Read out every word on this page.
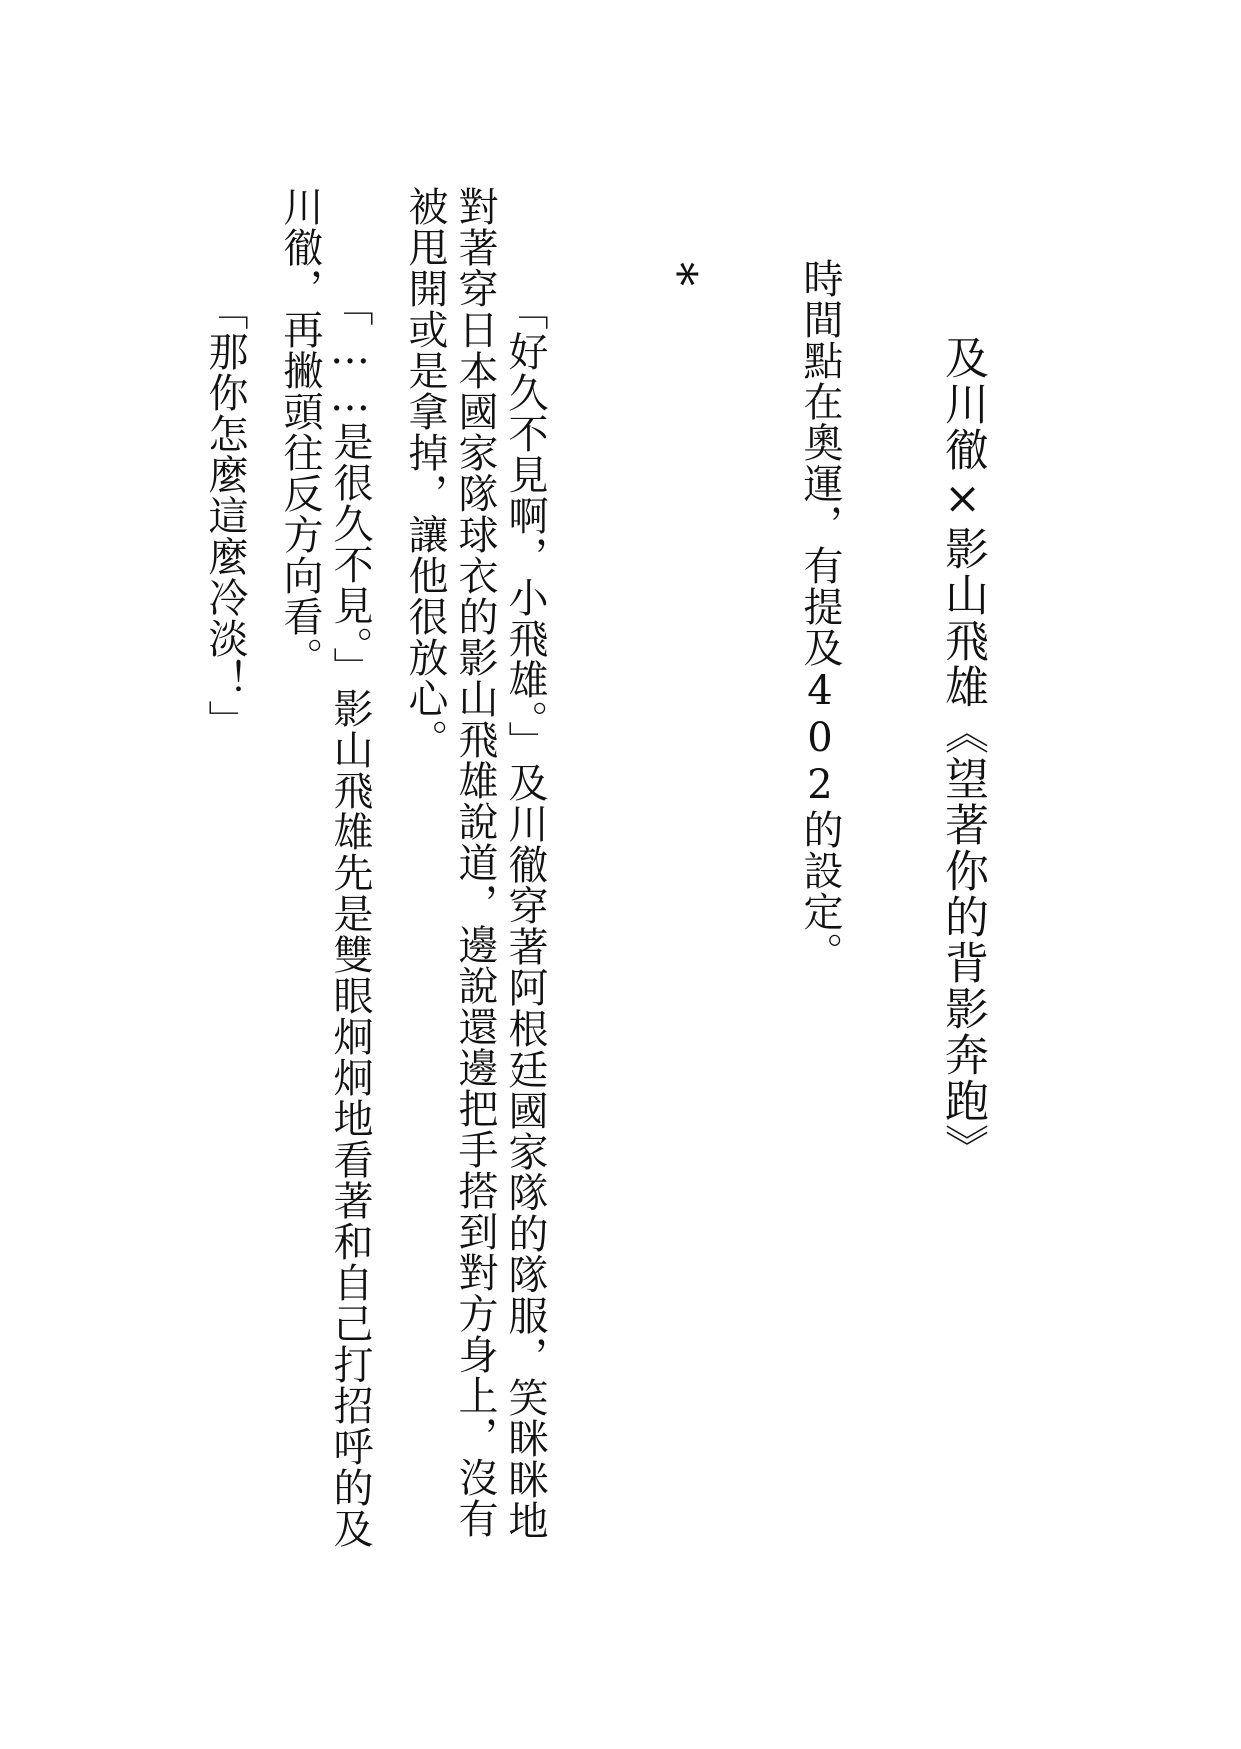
及川徹×影山飛雄《望著你的背影奔跑》
時間點在奧運，有提及402的設定。
*
「好久不見啊，小飛雄。」及川徹穿著阿根廷國家隊的隊服，笑眯眯地
對著穿日本國家隊球衣的影山飛雄說道，邊說還邊把手搭到對方身上，沒有
被甩開或是拿掉，讓他很放心。
「……是很久不見。」影山飛雄先是雙眼炯炯地看著和自己打招呼的及
川徹，再撇頭往反方向看。
「那你怎麼這麼冷淡！」
